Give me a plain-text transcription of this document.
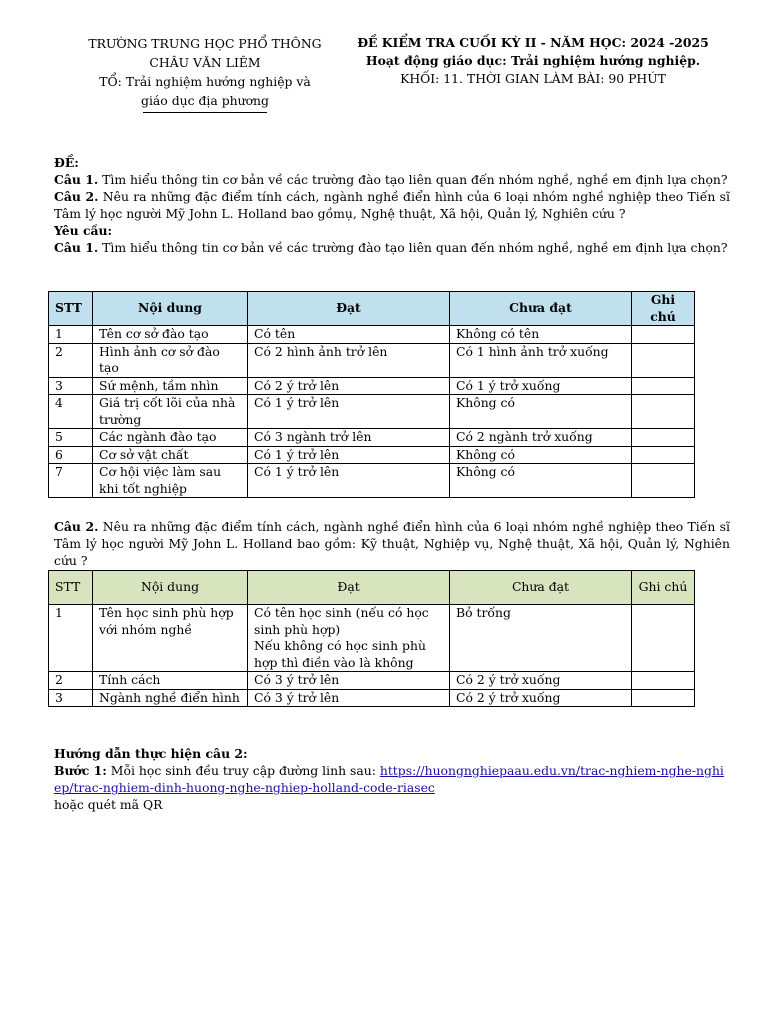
TRƯỜNG TRUNG HỌC PHỔ THÔNG
CHÂU VĂN LIÊM
TỔ: Trải nghiệm hướng nghiệp và
giáo dục địa phương
ĐỀ KIỂM TRA CUỐI KỲ II - NĂM HỌC: 2024 -2025
Hoạt động giáo dục: Trải nghiệm hướng nghiệp.
KHỐI: 11. THỜI GIAN LÀM BÀI: 90 PHÚT
ĐỀ:
Câu 1. Tìm hiểu thông tin cơ bản về các trường đào tạo liên quan đến nhóm nghề, nghề em định lựa chọn?
Câu 2. Nêu ra những đặc điểm tính cách, ngành nghề điển hình của 6 loại nhóm nghề nghiệp theo Tiến sĩ Tâm lý học người Mỹ John L. Holland bao gồmụ, Nghệ thuật, Xã hội, Quản lý, Nghiên cứu ?
Yêu cầu:
Câu 1. Tìm hiểu thông tin cơ bản về các trường đào tạo liên quan đến nhóm nghề, nghề em định lựa chọn?
STT	Nội dung	Đạt	Chưa đạt	Ghi chú
1	Tên cơ sở đào tạo	Có tên	Không có tên	
2	Hình ảnh cơ sở đào tạo	Có 2 hình ảnh trở lên	Có 1 hình ảnh trở xuống	
3	Sứ mệnh, tầm nhìn	Có 2 ý trở lên	Có 1 ý trở xuống	
4	Giá trị cốt lõi của nhà trường	Có 1 ý trở lên	Không có	
5	Các ngành đào tạo	Có 3 ngành trở lên	Có 2 ngành trở xuống	
6	Cơ sở vật chất	Có 1 ý trở lên	Không có	
7	Cơ hội việc làm sau khi tốt nghiệp	Có 1 ý trở lên	Không có	
Câu 2. Nêu ra những đặc điểm tính cách, ngành nghề điển hình của 6 loại nhóm nghề nghiệp theo Tiến sĩ Tâm lý học người Mỹ John L. Holland bao gồm: Kỹ thuật, Nghiệp vụ, Nghệ thuật, Xã hội, Quản lý, Nghiên cứu ?
STT	Nội dung	Đạt	Chưa đạt	Ghi chú
1	Tên học sinh phù hợp với nhóm nghề	Có tên học sinh (nếu có học sinh phù hợp)
Nếu không có học sinh phù hợp thì điền vào là không	Bỏ trống	
2	Tính cách	Có 3 ý trở lên	Có 2 ý trở xuống	
3	Ngành nghề điển hình	Có 3 ý trở lên	Có 2 ý trở xuống	
Hướng dẫn thực hiện câu 2:
Bước 1: Mỗi học sinh đều truy cập đường linh sau: https://huongnghiepaau.edu.vn/trac-nghiem-nghe-nghiep/trac-nghiem-dinh-huong-nghe-nghiep-holland-code-riasec
hoặc quét mã QR
